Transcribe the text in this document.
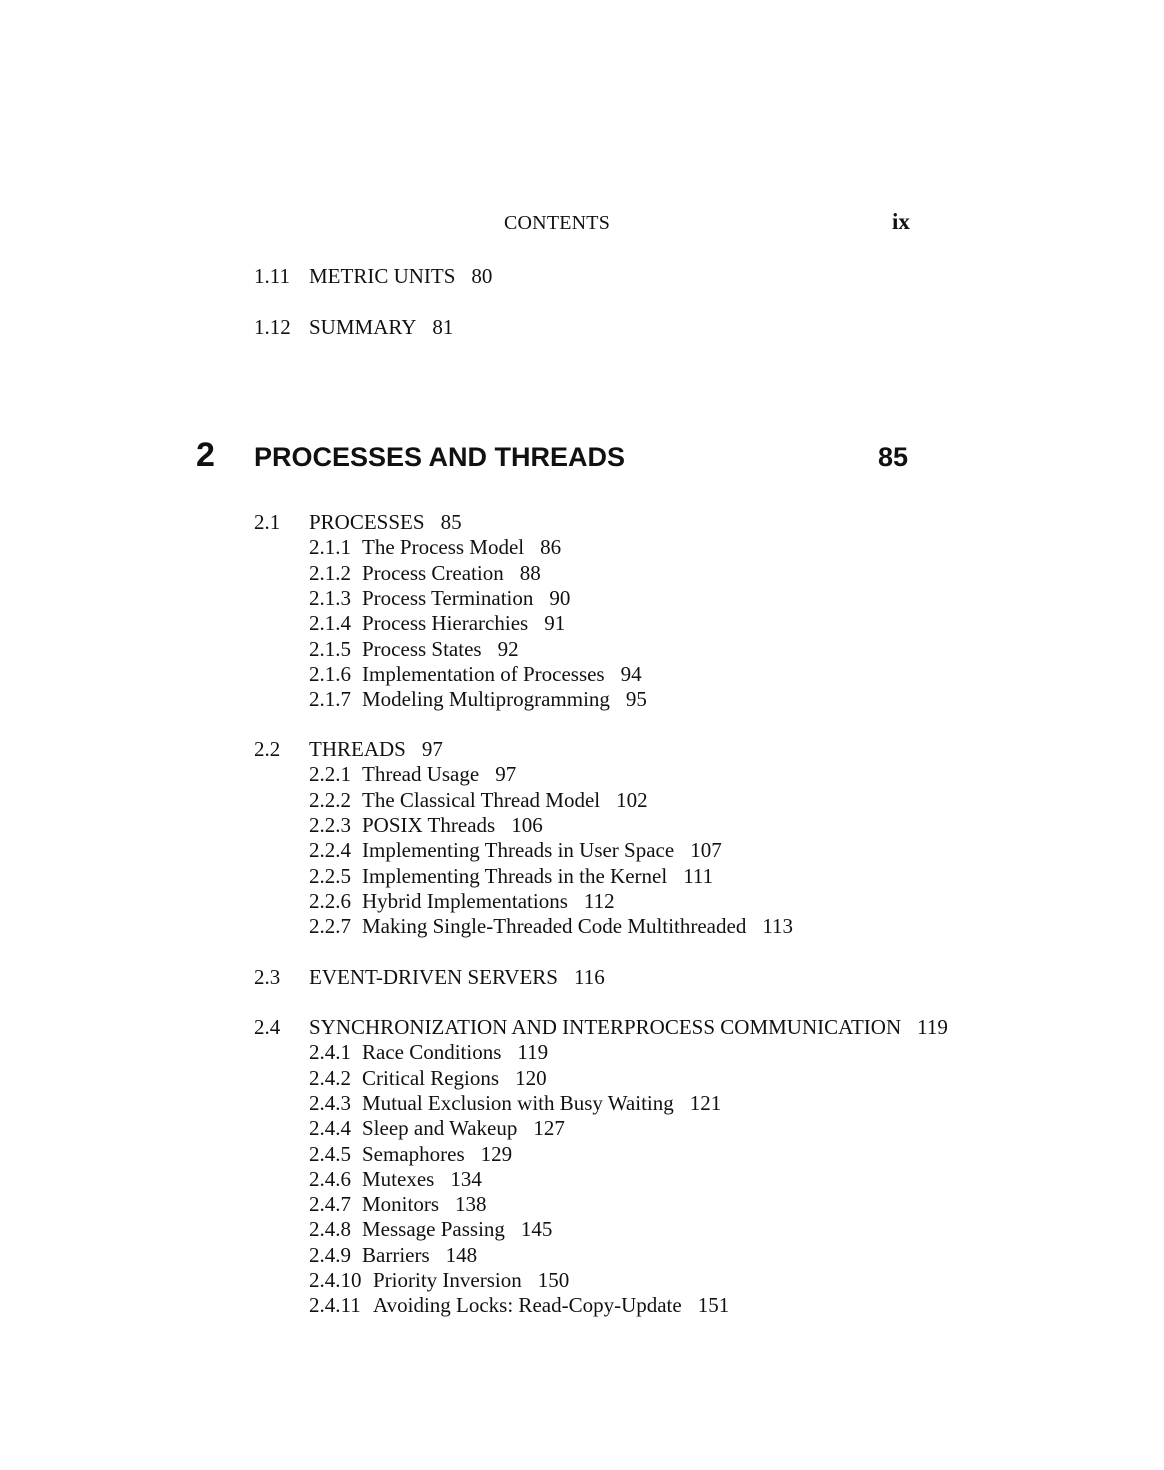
CONTENTS	ix
1.11 METRIC UNITS 80
1.12 SUMMARY 81
2 PROCESSES AND THREADS	85
2.1 PROCESSES 85
2.1.1 The Process Model 86
2.1.2 Process Creation 88
2.1.3 Process Termination 90
2.1.4 Process Hierarchies 91
2.1.5 Process States 92
2.1.6 Implementation of Processes 94
2.1.7 Modeling Multiprogramming 95
2.2 THREADS 97
2.2.1 Thread Usage 97
2.2.2 The Classical Thread Model 102
2.2.3 POSIX Threads 106
2.2.4 Implementing Threads in User Space 107
2.2.5 Implementing Threads in the Kernel 111
2.2.6 Hybrid Implementations 112
2.2.7 Making Single-Threaded Code Multithreaded 113
2.3 EVENT-DRIVEN SERVERS 116
2.4 SYNCHRONIZATION AND INTERPROCESS COMMUNICATION 119
2.4.1 Race Conditions 119
2.4.2 Critical Regions 120
2.4.3 Mutual Exclusion with Busy Waiting 121
2.4.4 Sleep and Wakeup 127
2.4.5 Semaphores 129
2.4.6 Mutexes 134
2.4.7 Monitors 138
2.4.8 Message Passing 145
2.4.9 Barriers 148
2.4.10 Priority Inversion 150
2.4.11 Avoiding Locks: Read-Copy-Update 151
